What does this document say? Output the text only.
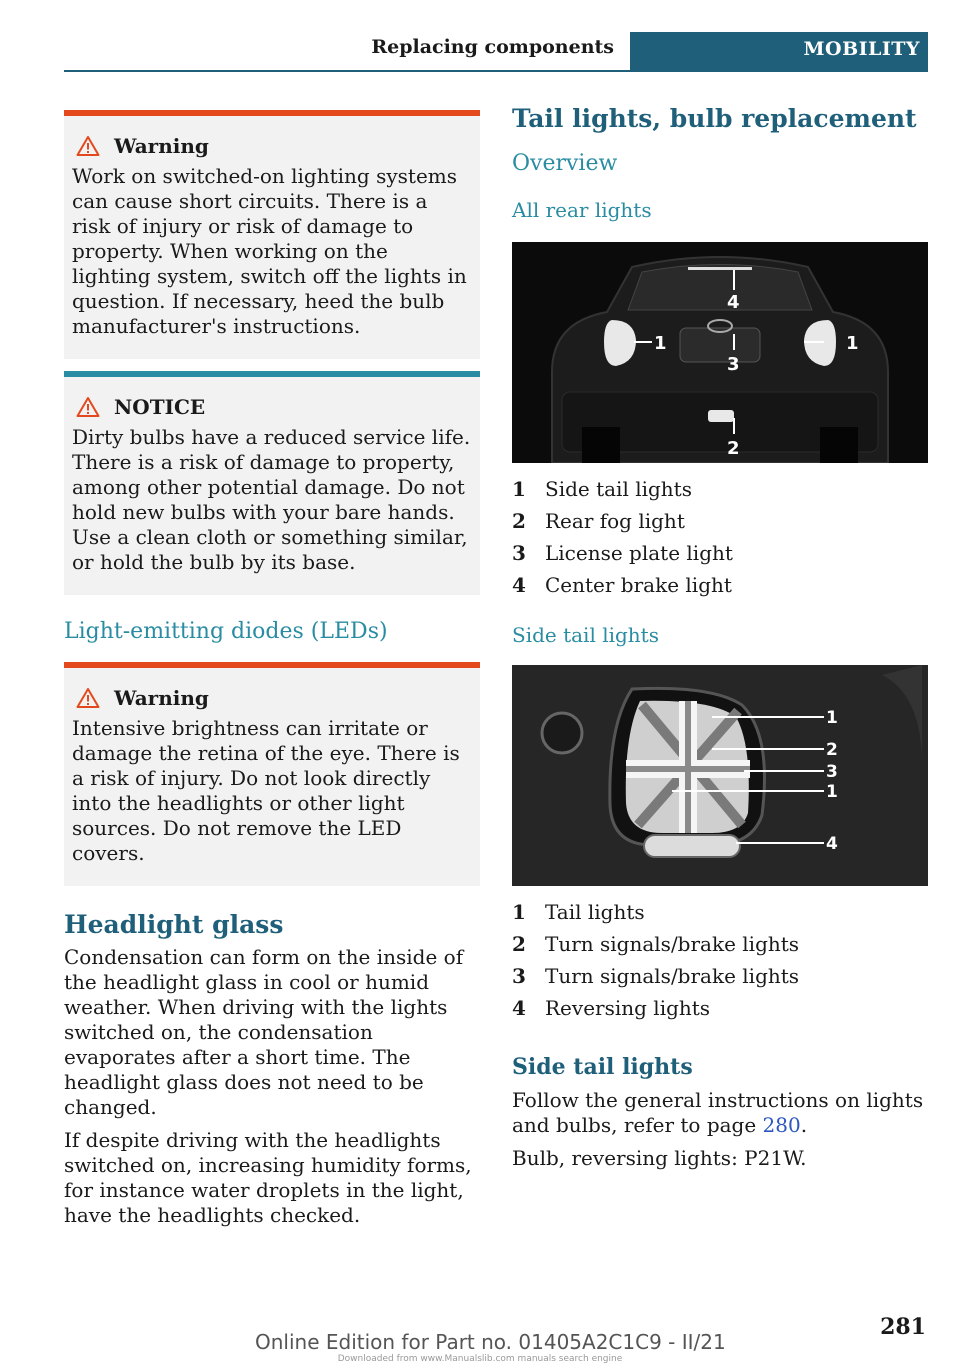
Replacing components	MOBILITY
Warning
Work on switched-on lighting systems can cause short circuits. There is a risk of injury or risk of damage to property. When working on the lighting system, switch off the lights in question. If necessary, heed the bulb manufacturer's instructions.
NOTICE
Dirty bulbs have a reduced service life. There is a risk of damage to property, among other potential damage. Do not hold new bulbs with your bare hands. Use a clean cloth or something similar, or hold the bulb by its base.
Light-emitting diodes (LEDs)
Warning
Intensive brightness can irritate or damage the retina of the eye. There is a risk of injury. Do not look directly into the headlights or other light sources. Do not remove the LED covers.
Headlight glass

Condensation can form on the inside of the headlight glass in cool or humid weather. When driving with the lights switched on, the condensation evaporates after a short time. The headlight glass does not need to be changed.

If despite driving with the headlights switched on, increasing humidity forms, for instance water droplets in the light, have the headlights checked.

Tail lights, bulb replacement
Overview
All rear lights
1	1
2
3
4
1 Side tail lights
2 Rear fog light
3 License plate light
4 Center brake light
Side tail lights
1
2
3
1
4
1 Tail lights
2 Turn signals/brake lights
3 Turn signals/brake lights
4 Reversing lights
Side tail lights

Follow the general instructions on lights and bulbs, refer to page 280.

Bulb, reversing lights: P21W.

281
Online Edition for Part no. 01405A2C1C9 - II/21
Downloaded from www.Manualslib.com manuals search engine
